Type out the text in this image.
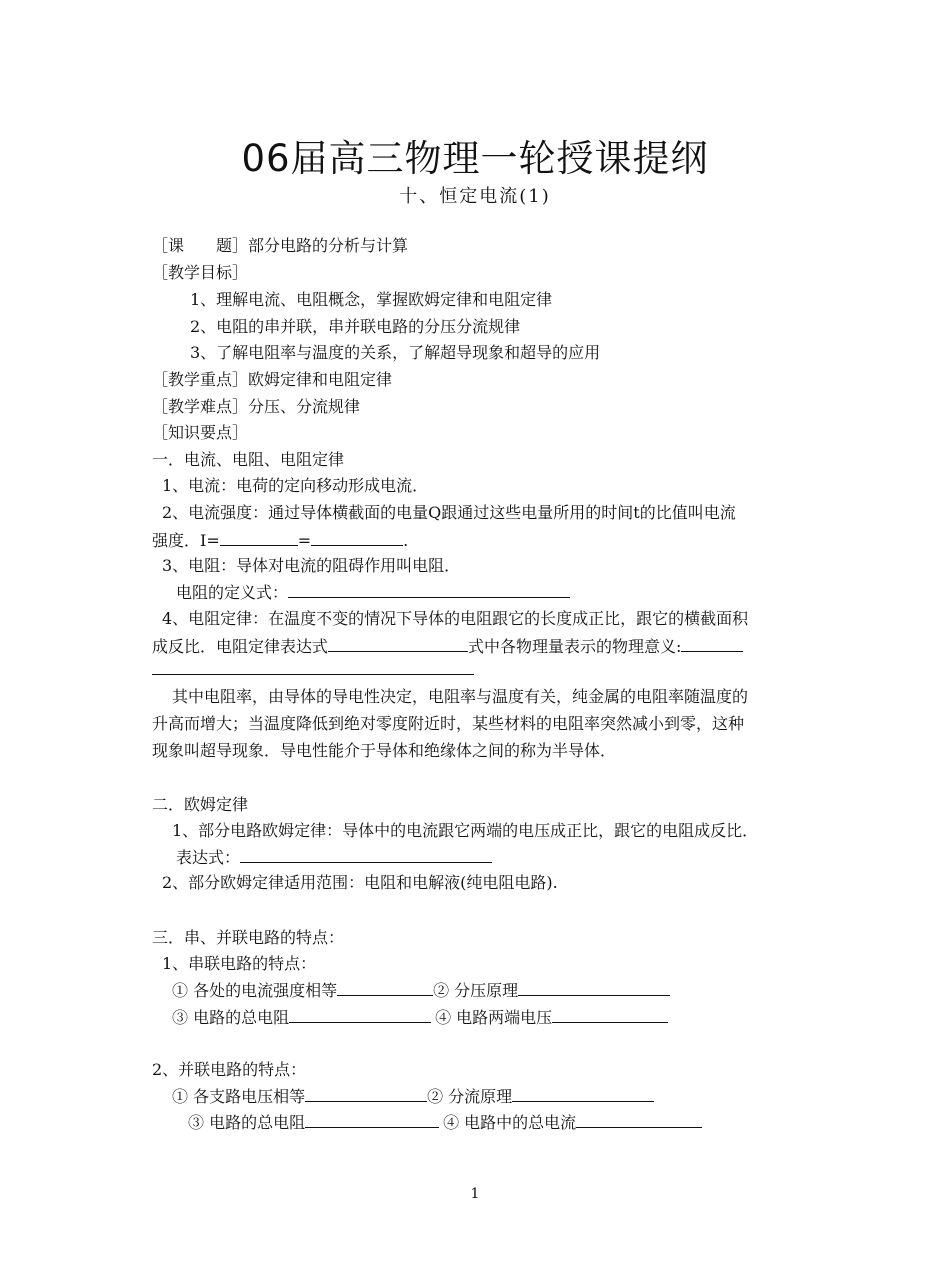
06届高三物理一轮授课提纲
十、恒定电流(1)
［课　　题］部分电路的分析与计算
［教学目标］
1、理解电流、电阻概念，掌握欧姆定律和电阻定律
2、电阻的串并联，串并联电路的分压分流规律
3、了解电阻率与温度的关系，了解超导现象和超导的应用
［教学重点］欧姆定律和电阻定律
［教学难点］分压、分流规律
［知识要点］
一．电流、电阻、电阻定律
1、电流：电荷的定向移动形成电流．
2、电流强度：通过导体横截面的电量Q跟通过这些电量所用的时间t的比值叫电流
强度．I=	=	.
3、电阻：导体对电流的阻碍作用叫电阻．
电阻的定义式：
4、电阻定律：在温度不变的情况下导体的电阻跟它的长度成正比，跟它的横截面积
成反比．电阻定律表达式	式中各物理量表示的物理意义:
其中电阻率，由导体的导电性决定，电阻率与温度有关，纯金属的电阻率随温度的
升高而增大；当温度降低到绝对零度附近时，某些材料的电阻率突然减小到零，这种
现象叫超导现象．导电性能介于导体和绝缘体之间的称为半导体．
二．欧姆定律
1、部分电路欧姆定律：导体中的电流跟它两端的电压成正比，跟它的电阻成反比．
表达式：
2、部分欧姆定律适用范围：电阻和电解液(纯电阻电路).
三．串、并联电路的特点：
1、串联电路的特点：
① 各处的电流强度相等	② 分压原理
③ 电路的总电阻	④ 电路两端电压
2、并联电路的特点：
① 各支路电压相等	② 分流原理
③ 电路的总电阻	④ 电路中的总电流
1
